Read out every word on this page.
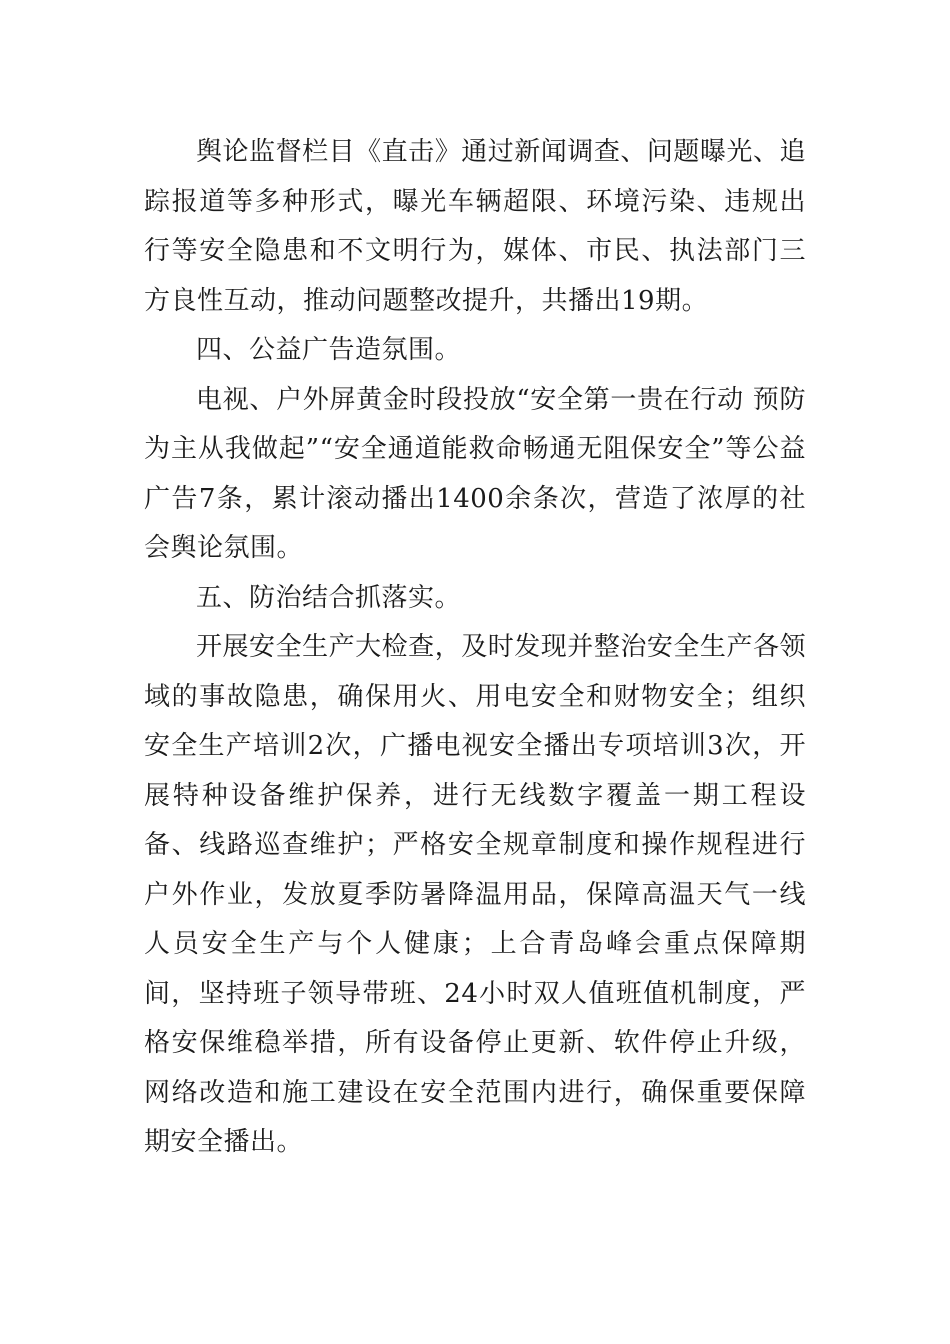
舆论监督栏目《直击》通过新闻调查、问题曝光、追踪报道等多种形式，曝光车辆超限、环境污染、违规出行等安全隐患和不文明行为，媒体、市民、执法部门三方良性互动，推动问题整改提升，共播出19期。

四、公益广告造氛围。

电视、户外屏黄金时段投放“安全第一贵在行动 预防为主从我做起”“安全通道能救命畅通无阻保安全”等公益广告7条，累计滚动播出1400余条次，营造了浓厚的社会舆论氛围。

五、防治结合抓落实。

开展安全生产大检查，及时发现并整治安全生产各领域的事故隐患，确保用火、用电安全和财物安全；组织安全生产培训2次，广播电视安全播出专项培训3次，开展特种设备维护保养，进行无线数字覆盖一期工程设备、线路巡查维护；严格安全规章制度和操作规程进行户外作业，发放夏季防暑降温用品，保障高温天气一线人员安全生产与个人健康；上合青岛峰会重点保障期间，坚持班子领导带班、24小时双人值班值机制度，严格安保维稳举措，所有设备停止更新、软件停止升级，网络改造和施工建设在安全范围内进行，确保重要保障期安全播出。
